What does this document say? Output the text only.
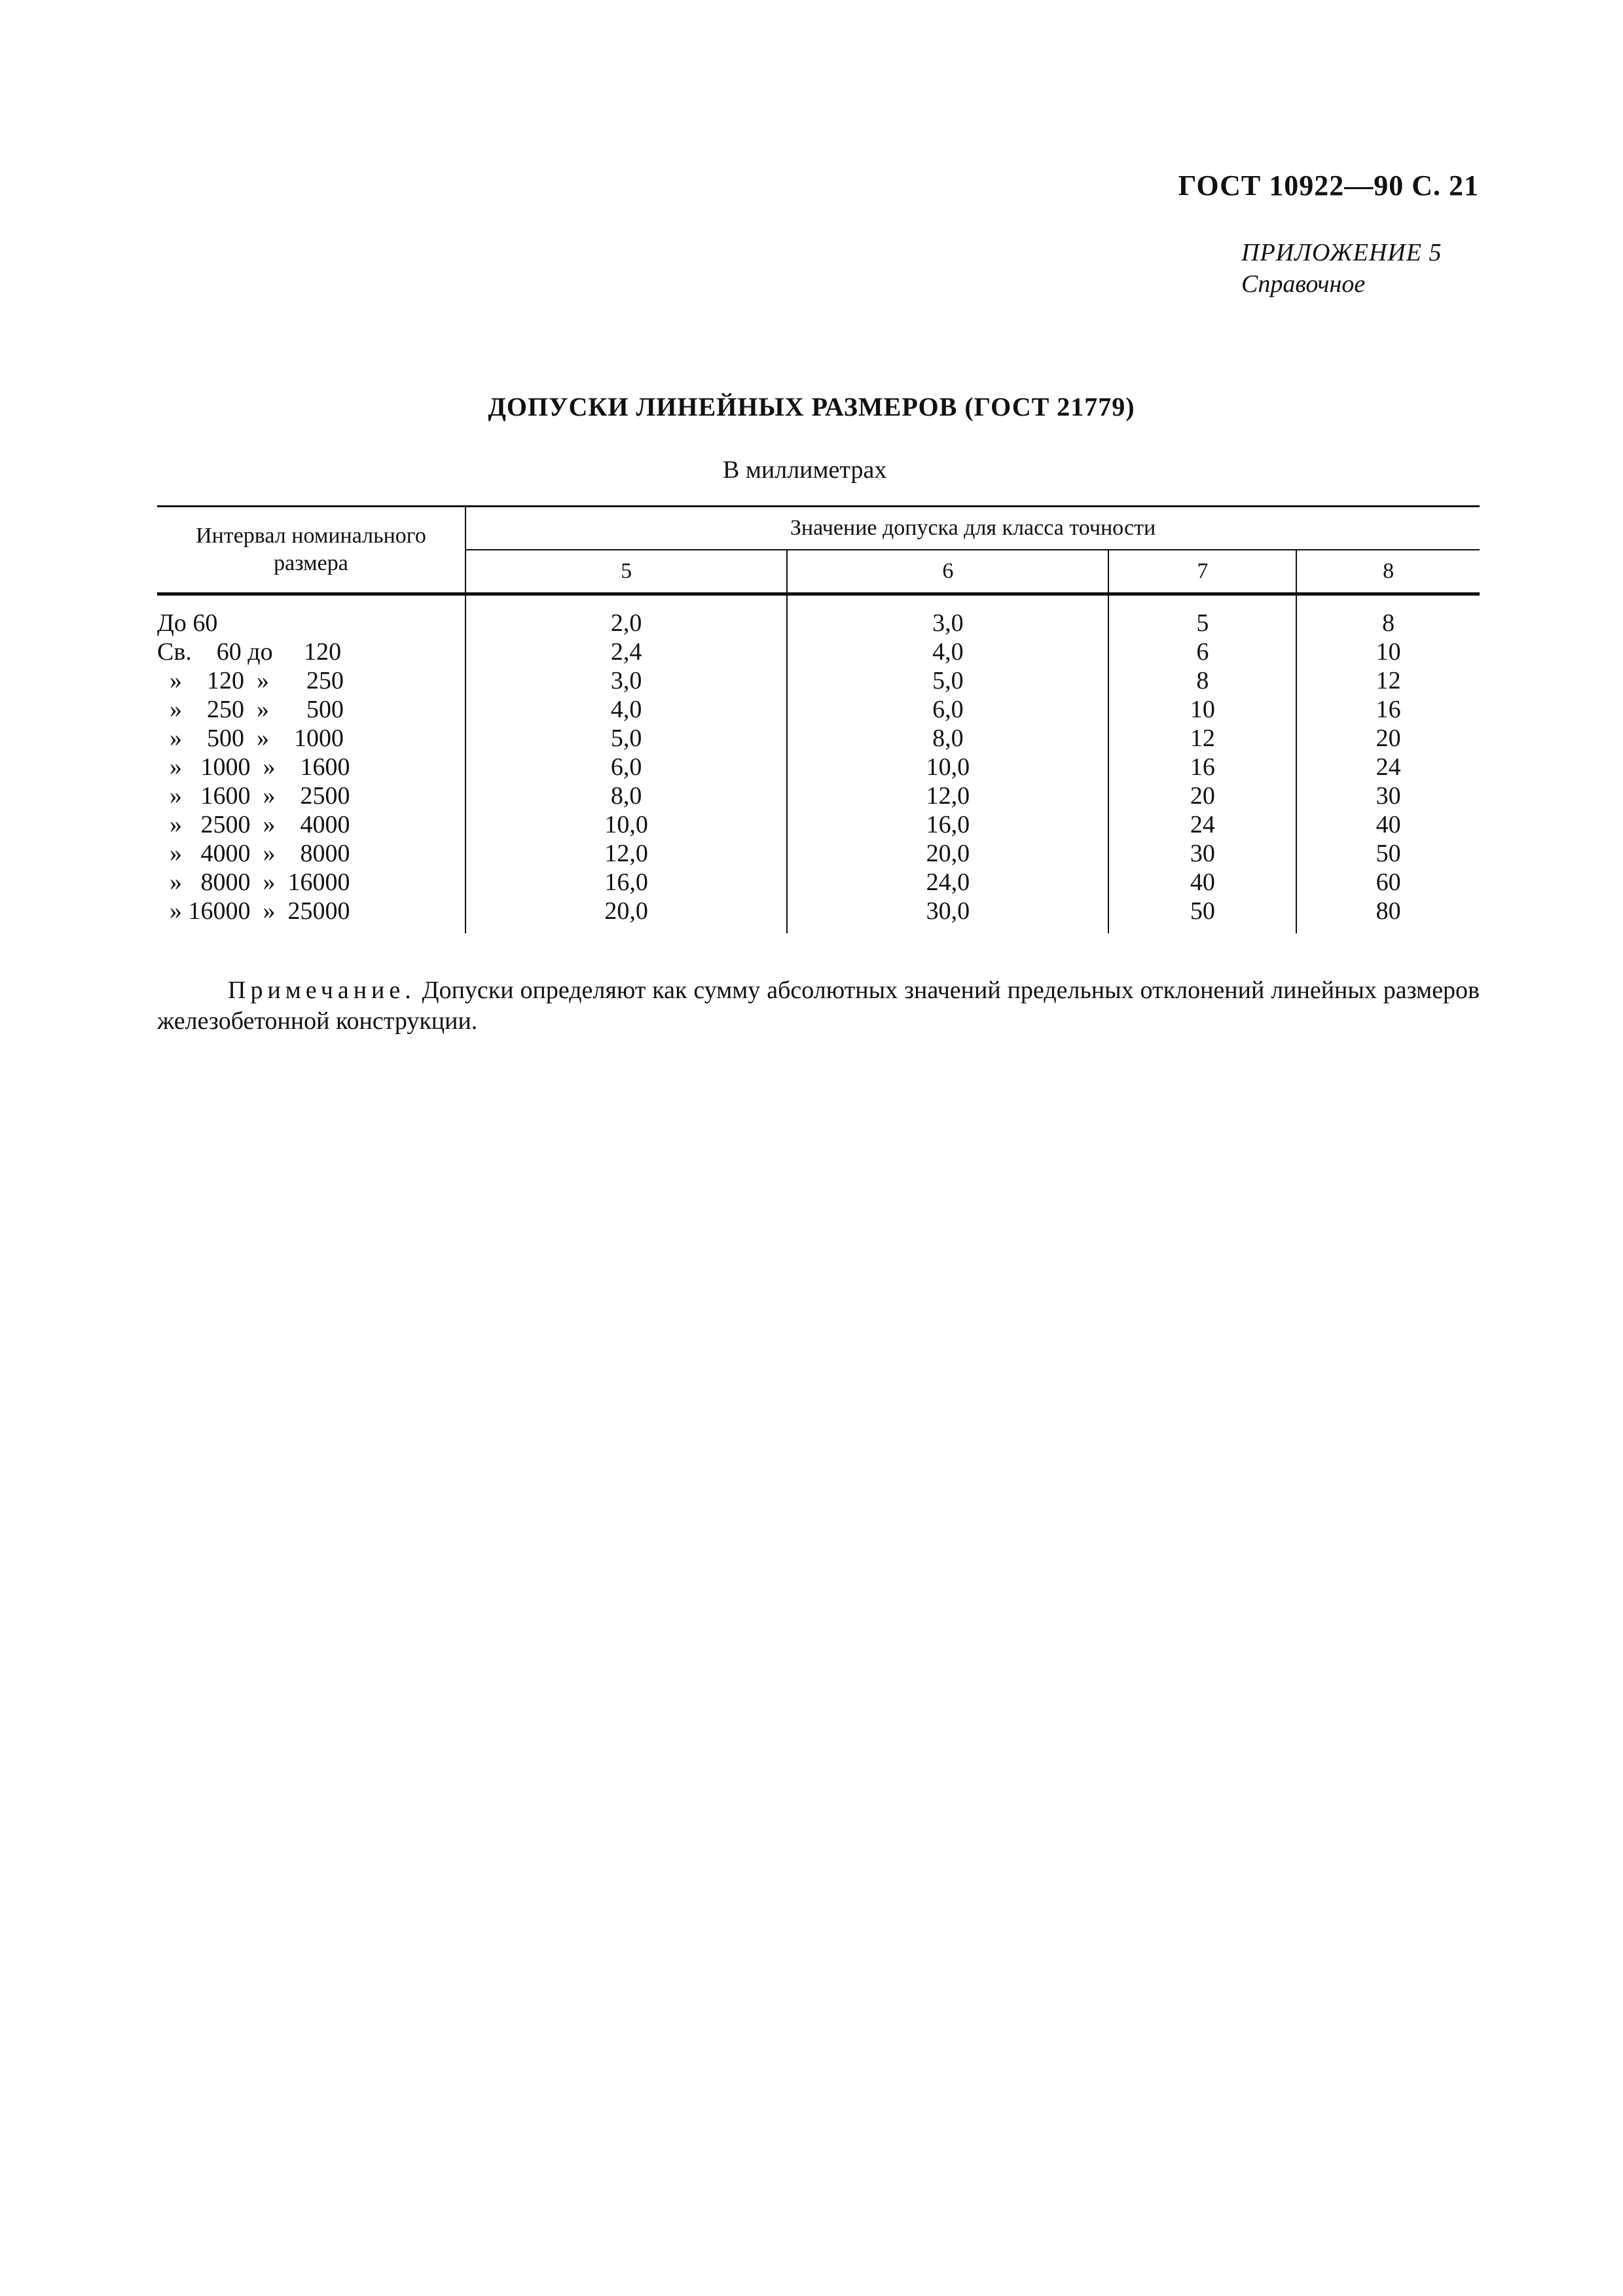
ГОСТ 10922—90 С. 21
ПРИЛОЖЕНИЕ 5
Справочное
ДОПУСКИ ЛИНЕЙНЫХ РАЗМЕРОВ (ГОСТ 21779)
В миллиметрах
Интервал номинального размера	Значение допуска для класса точности			
	5	6	7	8
До 60	2,0	3,0	5	8
Св.    60 до     120	2,4	4,0	6	10
»    120  »      250	3,0	5,0	8	12
»    250  »      500	4,0	6,0	10	16
»    500  »    1000	5,0	8,0	12	20
»   1000  »    1600	6,0	10,0	16	24
»   1600  »    2500	8,0	12,0	20	30
»   2500  »    4000	10,0	16,0	24	40
»   4000  »    8000	12,0	20,0	30	50
»   8000  »  16000	16,0	24,0	40	60
» 16000  »  25000	20,0	30,0	50	80

Примечание. Допуски определяют как сумму абсолютных значений предельных отклонений линейных размеров железобетонной конструкции.
